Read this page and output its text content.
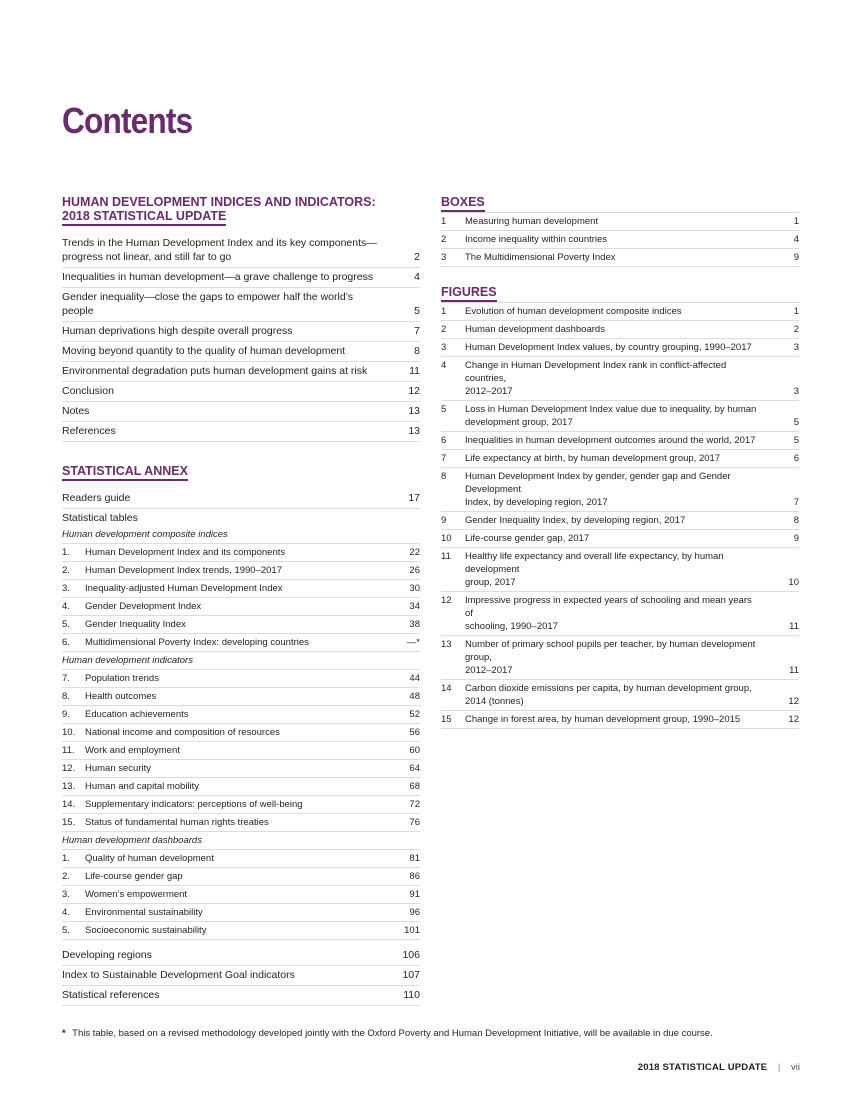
Contents
HUMAN DEVELOPMENT INDICES AND INDICATORS:
2018 STATISTICAL UPDATE
Trends in the Human Development Index and its key components—
progress not linear, and still far to go	2
Inequalities in human development—a grave challenge to progress	4
Gender inequality—close the gaps to empower half the world’s people	5
Human deprivations high despite overall progress	7
Moving beyond quantity to the quality of human development	8
Environmental degradation puts human development gains at risk	11
Conclusion	12
Notes	13
References	13
STATISTICAL ANNEX
Readers guide	17
Statistical tables
Human development composite indices
1.	Human Development Index and its components	22
2.	Human Development Index trends, 1990–2017	26
3.	Inequality-adjusted Human Development Index	30
4.	Gender Development Index	34
5.	Gender Inequality Index	38
6.	Multidimensional Poverty Index: developing countries	—*
Human development indicators
7.	Population trends	44
8.	Health outcomes	48
9.	Education achievements	52
10.	National income and composition of resources	56
11.	Work and employment	60
12.	Human security	64
13.	Human and capital mobility	68
14.	Supplementary indicators: perceptions of well-being	72
15.	Status of fundamental human rights treaties	76
Human development dashboards
1.	Quality of human development	81
2.	Life-course gender gap	86
3.	Women’s empowerment	91
4.	Environmental sustainability	96
5.	Socioeconomic sustainability	101
Developing regions	106
Index to Sustainable Development Goal indicators	107
Statistical references	110
BOXES
1	Measuring human development	1
2	Income inequality within countries	4
3	The Multidimensional Poverty Index	9
FIGURES
1	Evolution of human development composite indices	1
2	Human development dashboards	2
3	Human Development Index values, by country grouping, 1990–2017	3
4	Change in Human Development Index rank in conflict-affected countries,
2012–2017	3
5	Loss in Human Development Index value due to inequality, by human
development group, 2017	5
6	Inequalities in human development outcomes around the world, 2017	5
7	Life expectancy at birth, by human development group, 2017	6
8	Human Development Index by gender, gender gap and Gender Development
Index, by developing region, 2017	7
9	Gender Inequality Index, by developing region, 2017	8
10	Life-course gender gap, 2017	9
11	Healthy life expectancy and overall life expectancy, by human development
group, 2017	10
12	Impressive progress in expected years of schooling and mean years of
schooling, 1990–2017	11
13	Number of primary school pupils per teacher, by human development group,
2012–2017	11
14	Carbon dioxide emissions per capita, by human development group,
2014 (tonnes)	12
15	Change in forest area, by human development group, 1990–2015	12
* This table, based on a revised methodology developed jointly with the Oxford Poverty and Human Development Initiative, will be available in due course.
2018 STATISTICAL UPDATE | vii
